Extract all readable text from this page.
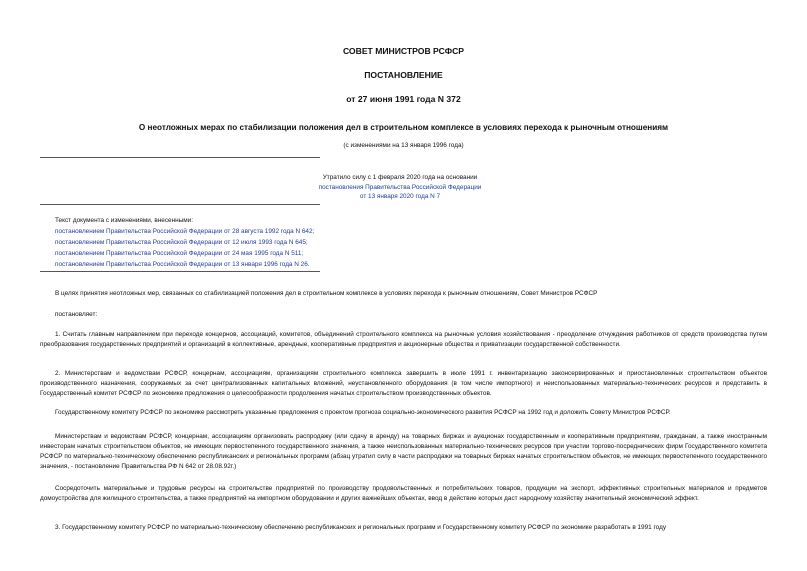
СОВЕТ МИНИСТРОВ РСФСР
ПОСТАНОВЛЕНИЕ
от 27 июня 1991 года N 372
О неотложных мерах по стабилизации положения дел в строительном комплексе в условиях перехода к рыночным отношениям
(с изменениями на 13 января 1996 года)
Утратило силу с 1 февраля 2020 года на основании
постановления Правительства Российской Федерации
от 13 января 2020 года N 7
Текст документа с изменениями, внесенными:
постановлением Правительства Российской Федерации от 28 августа 1992 года N 642;
постановлением Правительства Российской Федерации от 12 июля 1993 года N 645;
постановлением Правительства Российской Федерации от 24 мая 1995 года N 511;
постановлением Правительства Российской Федерации от 13 января 1996 года N 26.
В целях принятия неотложных мер, связанных со стабилизацией положения дел в строительном комплексе в условиях перехода к рыночным отношениям, Совет Министров РСФСР
постановляет:
1. Считать главным направлением при переходе концернов, ассоциаций, комитетов, объединений строительного комплекса на рыночные условия хозяйствования - преодоление отчуждения работников от средств производства путем преобразования государственных предприятий и организаций в коллективные, арендные, кооперативные предприятия и акционерные общества и приватизации государственной собственности.
2. Министерствам и ведомствам РСФСР, концернам, ассоциациям, организациям строительного комплекса завершить в июле 1991 г. инвентаризацию законсервированных и приостановленных строительством объектов производственного назначения, сооружаемых за счет централизованных капитальных вложений, неустановленного оборудования (в том числе импортного) и неиспользованных материально-технических ресурсов и представить в Государственный комитет РСФСР по экономике предложения о целесообразности продолжения начатых строительством производственных объектов.
Государственному комитету РСФСР по экономике рассмотреть указанные предложения с проектом прогноза социально-экономического развития РСФСР на 1992 год и доложить Совету Министров РСФСР.
Министерствам и ведомствам РСФСР, концернам, ассоциациям организовать распродажу (или сдачу в аренду) на товарных биржах и аукционах государственным и кооперативным предприятиям, гражданам, а также иностранным инвесторам начатых строительством объектов, не имеющих первостепенного государственного значения, а также неиспользованных материально-технических ресурсов при участии торгово-посреднических фирм Государственного комитета РСФСР по материально-техническому обеспечению республиканских и региональных программ (абзац утратил силу в части распродажи на товарных биржах начатых строительством объектов, не имеющих первостепенного государственного значения, - постановление Правительства РФ N 642 от 28.08.92г.)
Сосредоточить материальные и трудовые ресурсы на строительстве предприятий по производству продовольственных и потребительских товаров, продукции на экспорт, эффективных строительных материалов и предметов домоустройства для жилищного строительства, а также предприятий на импортном оборудовании и других важнейших объектах, ввод в действие которых даст народному хозяйству значительный экономический эффект.
3. Государственному комитету РСФСР по материально-техническому обеспечению республиканских и региональных программ и Государственному комитету РСФСР по экономике разработать в 1991 году
